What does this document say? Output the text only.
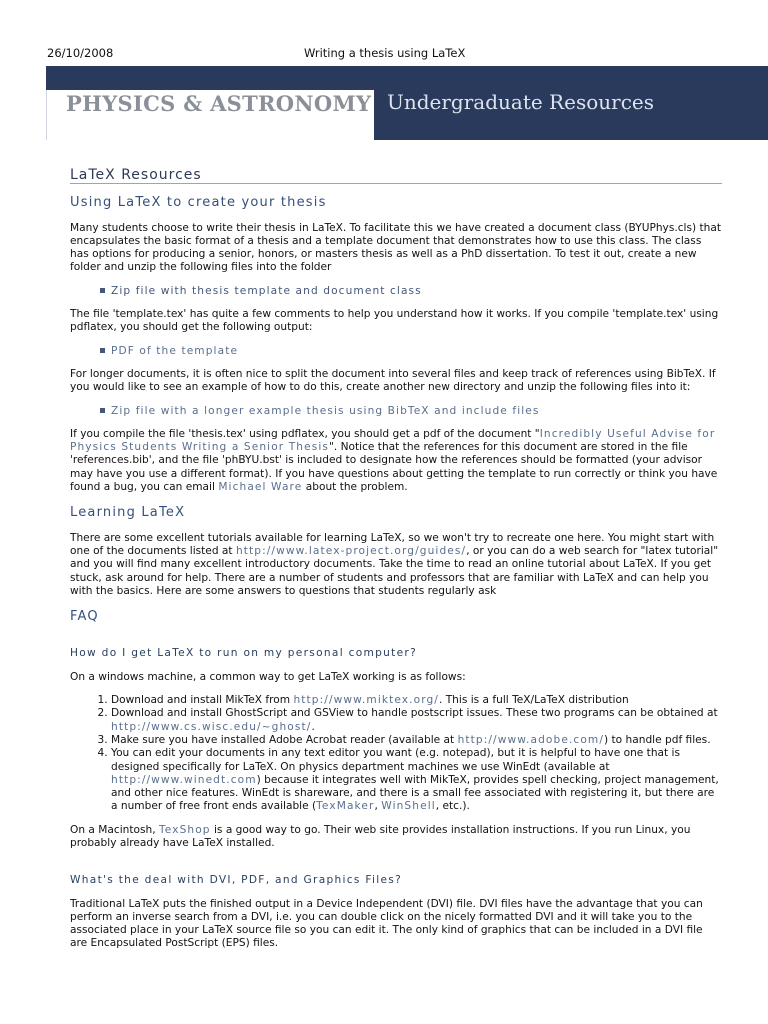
26/10/2008	Writing a thesis using LaTeX
PHYSICS & ASTRONOMY Undergraduate Resources
LaTeX Resources
Using LaTeX to create your thesis

Many students choose to write their thesis in LaTeX. To facilitate this we have created a document class (BYUPhys.cls) that encapsulates the basic format of a thesis and a template document that demonstrates how to use this class. The class has options for producing a senior, honors, or masters thesis as well as a PhD dissertation. To test it out, create a new folder and unzip the following files into the folder

Zip file with thesis template and document class

The file 'template.tex' has quite a few comments to help you understand how it works. If you compile 'template.tex' using pdflatex, you should get the following output:

PDF of the template

For longer documents, it is often nice to split the document into several files and keep track of references using BibTeX. If you would like to see an example of how to do this, create another new directory and unzip the following files into it:

Zip file with a longer example thesis using BibTeX and include files

If you compile the file 'thesis.tex' using pdflatex, you should get a pdf of the document "Incredibly Useful Advise for Physics Students Writing a Senior Thesis". Notice that the references for this document are stored in the file 'references.bib', and the file 'phBYU.bst' is included to designate how the references should be formatted (your advisor may have you use a different format). If you have questions about getting the template to run correctly or think you have found a bug, you can email Michael Ware about the problem.

Learning LaTeX

There are some excellent tutorials available for learning LaTeX, so we won't try to recreate one here. You might start with one of the documents listed at http://www.latex-project.org/guides/, or you can do a web search for "latex tutorial" and you will find many excellent introductory documents. Take the time to read an online tutorial about LaTeX. If you get stuck, ask around for help. There are a number of students and professors that are familiar with LaTeX and can help you with the basics. Here are some answers to questions that students regularly ask

FAQ
How do I get LaTeX to run on my personal computer?

On a windows machine, a common way to get LaTeX working is as follows:

1. Download and install MikTeX from http://www.miktex.org/. This is a full TeX/LaTeX distribution
2. Download and install GhostScript and GSView to handle postscript issues. These two programs can be obtained at http://www.cs.wisc.edu/~ghost/.
3. Make sure you have installed Adobe Acrobat reader (available at http://www.adobe.com/) to handle pdf files.
4. You can edit your documents in any text editor you want (e.g. notepad), but it is helpful to have one that is designed specifically for LaTeX. On physics department machines we use WinEdt (available at http://www.winedt.com) because it integrates well with MikTeX, provides spell checking, project management, and other nice features. WinEdt is shareware, and there is a small fee associated with registering it, but there are a number of free front ends available (TexMaker, WinShell, etc.).

On a Macintosh, TexShop is a good way to go. Their web site provides installation instructions. If you run Linux, you probably already have LaTeX installed.

What's the deal with DVI, PDF, and Graphics Files?

Traditional LaTeX puts the finished output in a Device Independent (DVI) file. DVI files have the advantage that you can perform an inverse search from a DVI, i.e. you can double click on the nicely formatted DVI and it will take you to the associated place in your LaTeX source file so you can edit it. The only kind of graphics that can be included in a DVI file are Encapsulated PostScript (EPS) files.
